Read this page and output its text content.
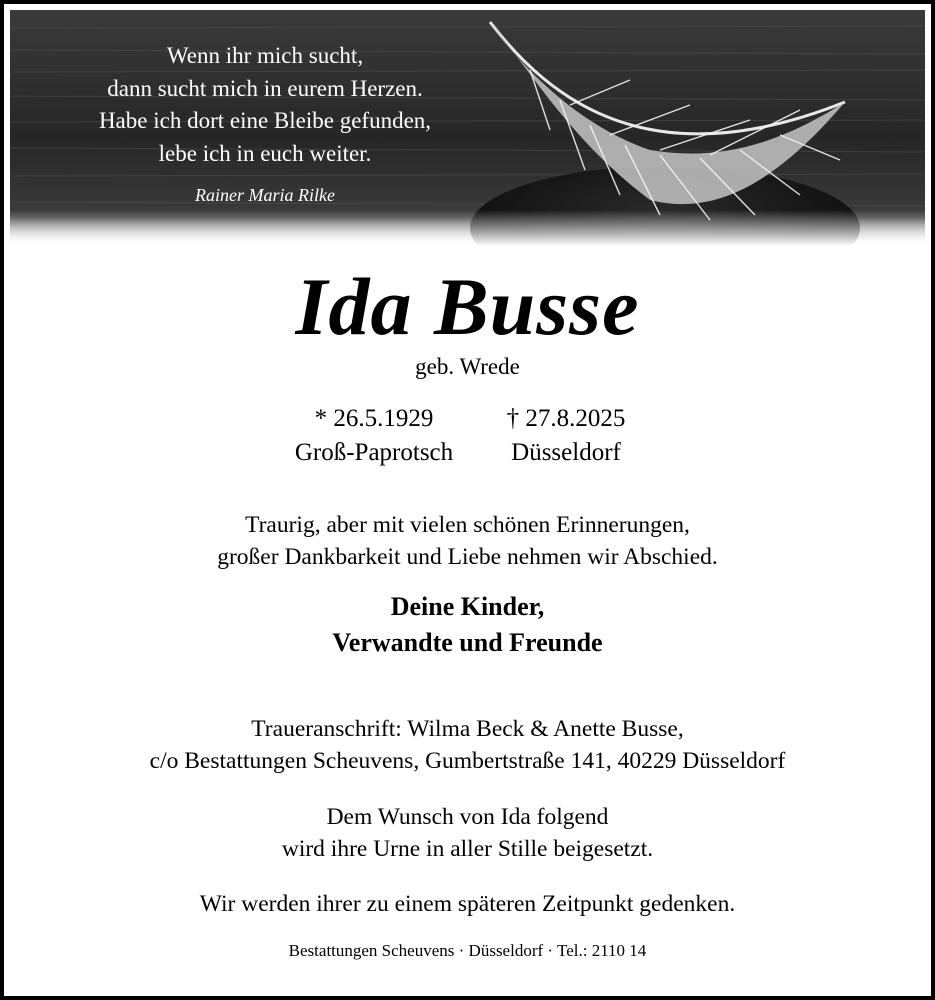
Wenn ihr mich sucht,
dann sucht mich in eurem Herzen.
Habe ich dort eine Bleibe gefunden,
lebe ich in euch weiter.
Rainer Maria Rilke
Ida Busse
geb. Wrede
* 26.5.1929
Groß-Paprotsch
† 27.8.2025
Düsseldorf
Traurig, aber mit vielen schönen Erinnerungen,
großer Dankbarkeit und Liebe nehmen wir Abschied.
Deine Kinder,
Verwandte und Freunde
Traueranschrift: Wilma Beck & Anette Busse,
c/o Bestattungen Scheuvens, Gumbertstraße 141, 40229 Düsseldorf
Dem Wunsch von Ida folgend
wird ihre Urne in aller Stille beigesetzt.
Wir werden ihrer zu einem späteren Zeitpunkt gedenken.
Bestattungen Scheuvens · Düsseldorf · Tel.: 2110 14
